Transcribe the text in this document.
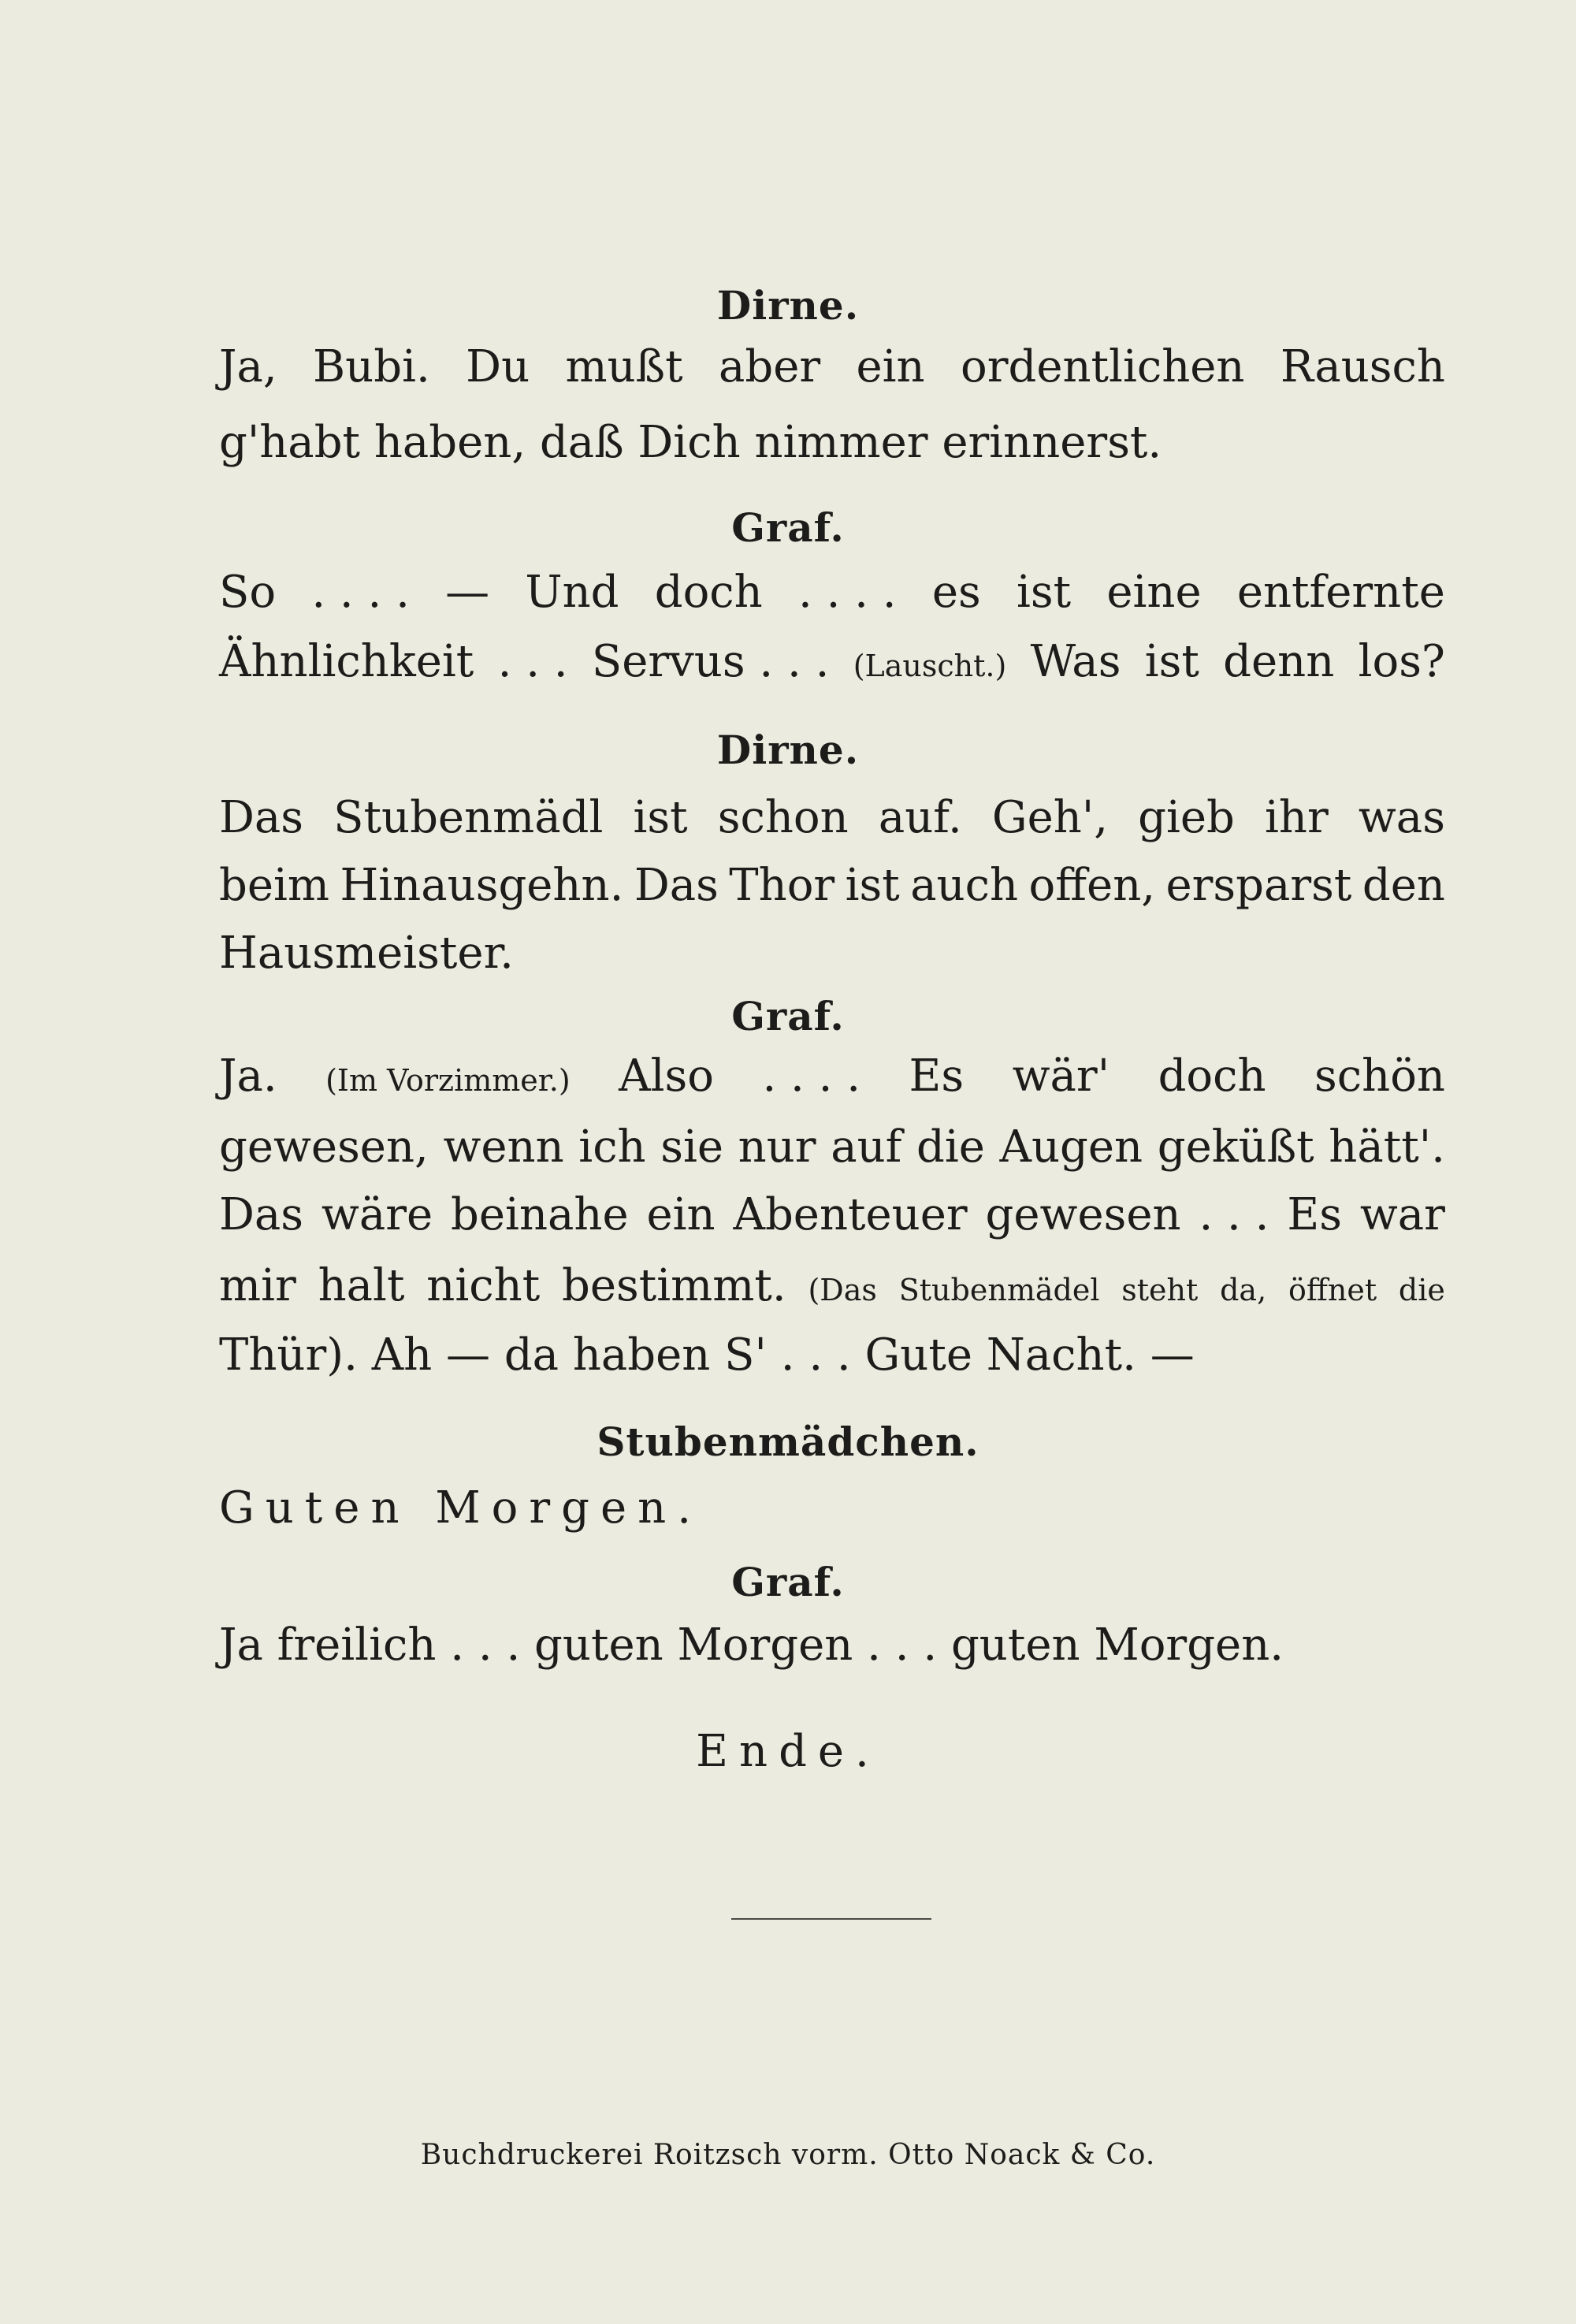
Dirne.
Ja, Bubi. Du mußt aber ein ordentlichen Rausch
g'habt haben, daß Dich nimmer erinnerst.
Graf.
So . . . . — Und doch . . . . es ist eine entfernte
Ähnlichkeit . . . Servus . . . (Lauscht.) Was ist denn los?
Dirne.
Das Stubenmädl ist schon auf. Geh', gieb ihr was
beim Hinausgehn. Das Thor ist auch offen, ersparst den
Hausmeister.
Graf.
Ja. (Im Vorzimmer.) Also . . . . Es wär' doch schön
gewesen, wenn ich sie nur auf die Augen geküßt hätt'.
Das wäre beinahe ein Abenteuer gewesen . . . Es war
mir halt nicht bestimmt. (Das Stubenmädel steht da, öffnet die
Thür). Ah — da haben S' . . . Gute Nacht. —
Stubenmädchen.
Guten Morgen.
Graf.
Ja freilich . . . guten Morgen . . . guten Morgen.
Ende.
Buchdruckerei Roitzsch vorm. Otto Noack & Co.
